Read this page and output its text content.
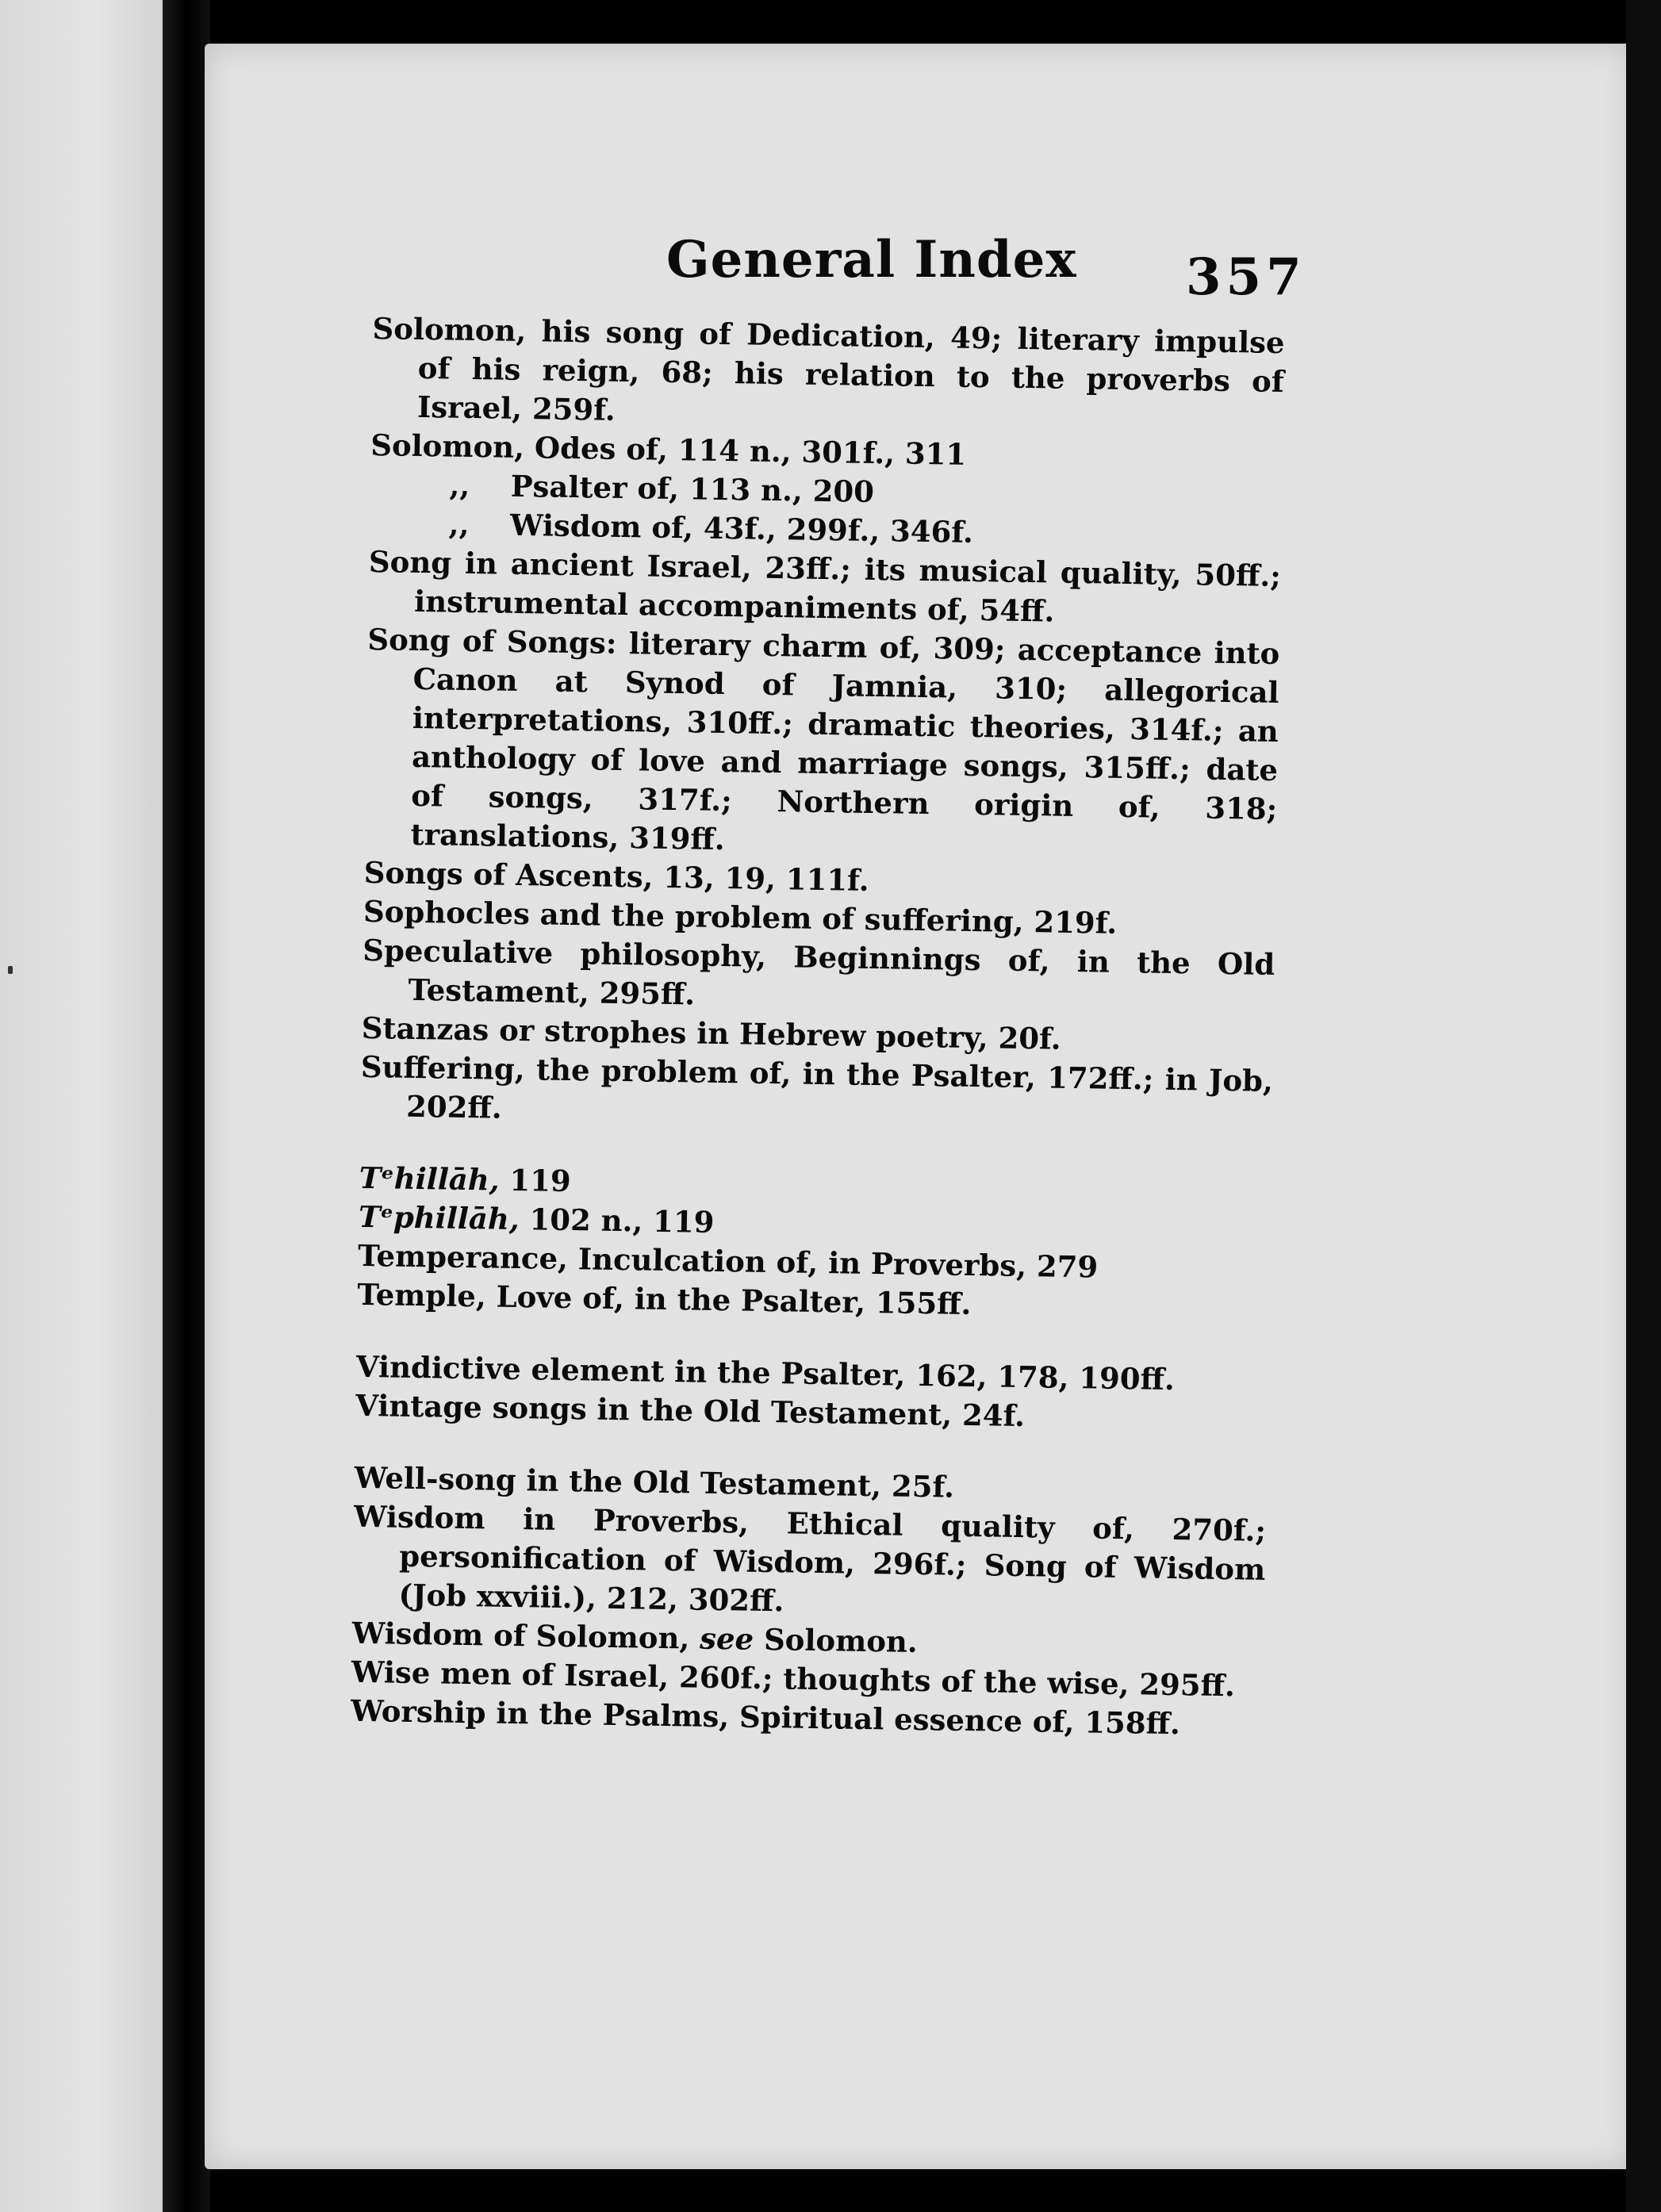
General Index 357

Solomon, his song of Dedication, 49; literary impulse of his reign, 68; his relation to the proverbs of Israel, 259f.

Solomon, Odes of, 114 n., 301f., 311

,, Psalter of, 113 n., 200

,, Wisdom of, 43f., 299f., 346f.

Song in ancient Israel, 23ff.; its musical quality, 50ff.; instrumental accompaniments of, 54ff.

Song of Songs: literary charm of, 309; acceptance into Canon at Synod of Jamnia, 310; allegorical interpretations, 310ff.; dramatic theories, 314f.; an anthology of love and marriage songs, 315ff.; date of songs, 317f.; Northern origin of, 318; translations, 319ff.

Songs of Ascents, 13, 19, 111f.

Sophocles and the problem of suffering, 219f.

Speculative philosophy, Beginnings of, in the Old Testament, 295ff.

Stanzas or strophes in Hebrew poetry, 20f.

Suffering, the problem of, in the Psalter, 172ff.; in Job, 202ff.

Tᵉhillāh, 119

Tᵉphillāh, 102 n., 119

Temperance, Inculcation of, in Proverbs, 279

Temple, Love of, in the Psalter, 155ff.

Vindictive element in the Psalter, 162, 178, 190ff.

Vintage songs in the Old Testament, 24f.

Well-song in the Old Testament, 25f.

Wisdom in Proverbs, Ethical quality of, 270f.; personification of Wisdom, 296f.; Song of Wisdom (Job xxviii.), 212, 302ff.

Wisdom of Solomon, see Solomon.

Wise men of Israel, 260f.; thoughts of the wise, 295ff.

Worship in the Psalms, Spiritual essence of, 158ff.
